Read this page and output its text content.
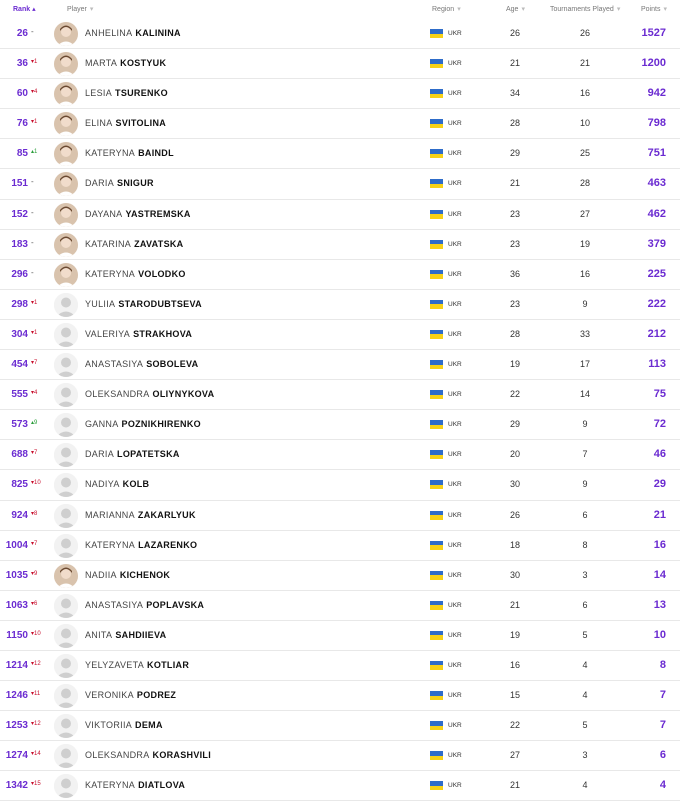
Rank ▴	Player ▾	Region ▾	Age ▾	Tournaments Played ▾	Points ▾
26 -	ANHELINA KALININA	UKR	26	26	1527
36	▾ 1	MARTA KOSTYUK	UKR	21	21	1200
60	▾ 4	LESIA TSURENKO	UKR	34	16	942
76	▾ 1	ELINA SVITOLINA	UKR	28	10	798
85	▴ 1	KATERYNA BAINDL	UKR	29	25	751
151 -	DARIA SNIGUR	UKR	21	28	463
152 -	DAYANA YASTREMSKA	UKR	23	27	462
183 -	KATARINA ZAVATSKA	UKR	23	19	379
296 -	KATERYNA VOLODKO	UKR	36	16	225
298	▾ 1	YULIIA STARODUBTSEVA	UKR	23	9	222
304	▾ 1	VALERIYA STRAKHOVA	UKR	28	33	212
454	▾ 7	ANASTASIYA SOBOLEVA	UKR	19	17	113
555	▾ 4	OLEKSANDRA OLIYNYKOVA	UKR	22	14	75
573	▴ 9	GANNA POZNIKHIRENKO	UKR	29	9	72
688	▾ 7	DARIA LOPATETSKA	UKR	20	7	46
825	▾ 10	NADIYA KOLB	UKR	30	9	29
924	▾ 8	MARIANNA ZAKARLYUK	UKR	26	6	21
1004	▾ 7	KATERYNA LAZARENKO	UKR	18	8	16
1035	▾ 9	NADIIA KICHENOK	UKR	30	3	14
1063	▾ 6	ANASTASIYA POPLAVSKA	UKR	21	6	13
1150	▾ 10	ANITA SAHDIIEVA	UKR	19	5	10
1214	▾ 12	YELYZAVETA KOTLIAR	UKR	16	4	8
1246	▾ 11	VERONIKA PODREZ	UKR	15	4	7
1253	▾ 12	VIKTORIIA DEMA	UKR	22	5	7
1274	▾ 14	OLEKSANDRA KORASHVILI	UKR	27	3	6
1342	▾ 15	KATERYNA DIATLOVA	UKR	21	4	4
